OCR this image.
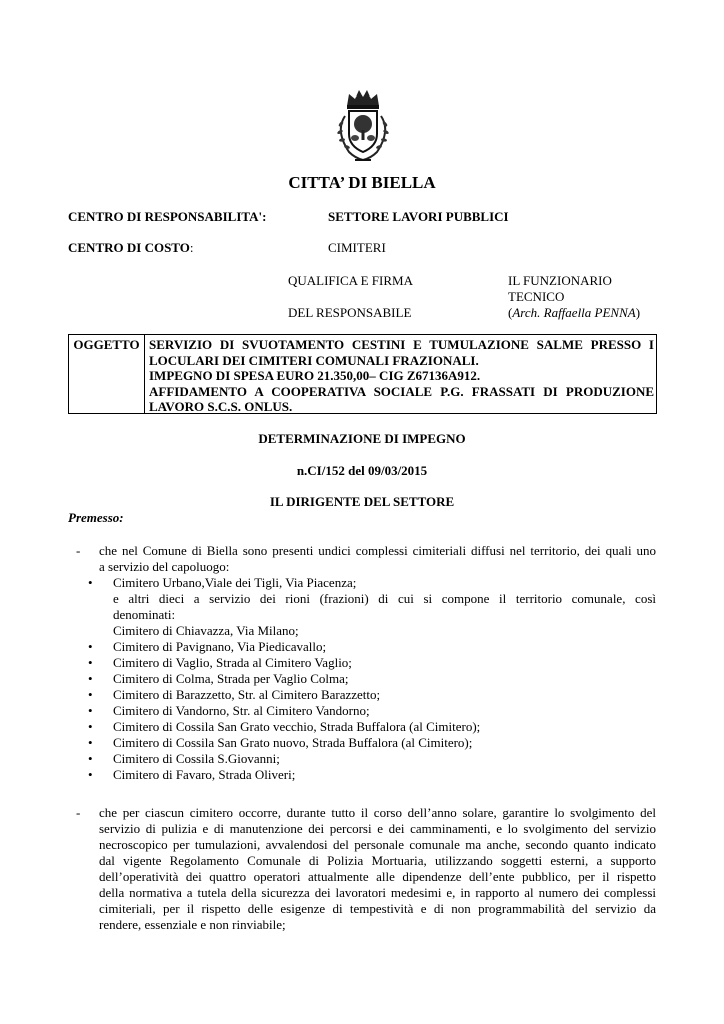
CITTA’ DI BIELLA
CENTRO DI RESPONSABILITA':	SETTORE LAVORI PUBBLICI
CENTRO DI COSTO:	CIMITERI
QUALIFICA E FIRMA
DEL RESPONSABILE
IL FUNZIONARIO
TECNICO
(Arch. Raffaella PENNA)
OGGETTO SERVIZIO DI SVUOTAMENTO CESTINI E TUMULAZIONE SALME PRESSO I
LOCULARI DEI CIMITERI COMUNALI FRAZIONALI.
IMPEGNO DI SPESA EURO 21.350,00– CIG Z67136A912.
AFFIDAMENTO A COOPERATIVA SOCIALE P.G. FRASSATI DI PRODUZIONE
LAVORO S.C.S. ONLUS.
DETERMINAZIONE DI IMPEGNO
n.CI/152 del 09/03/2015
IL DIRIGENTE DEL SETTORE
Premesso:
- che nel Comune di Biella sono presenti undici complessi cimiteriali diffusi nel territorio, dei quali uno
a servizio del capoluogo:
• Cimitero Urbano,Viale dei Tigli, Via Piacenza;
e altri dieci a servizio dei rioni (frazioni) di cui si compone il territorio comunale, così
denominati:
Cimitero di Chiavazza, Via Milano;
• Cimitero di Pavignano, Via Piedicavallo;
• Cimitero di Vaglio, Strada al Cimitero Vaglio;
• Cimitero di Colma, Strada per Vaglio Colma;
• Cimitero di Barazzetto, Str. al Cimitero Barazzetto;
• Cimitero di Vandorno, Str. al Cimitero Vandorno;
• Cimitero di Cossila San Grato vecchio, Strada Buffalora (al Cimitero);
• Cimitero di Cossila San Grato nuovo, Strada Buffalora (al Cimitero);
• Cimitero di Cossila S.Giovanni;
• Cimitero di Favaro, Strada Oliveri;
- che per ciascun cimitero occorre, durante tutto il corso dell’anno solare, garantire lo svolgimento del
servizio di pulizia e di manutenzione dei percorsi e dei camminamenti, e lo svolgimento del servizio
necroscopico per tumulazioni, avvalendosi del personale comunale ma anche, secondo quanto indicato
dal vigente Regolamento Comunale di Polizia Mortuaria, utilizzando soggetti esterni, a supporto
dell’operatività dei quattro operatori attualmente alle dipendenze dell’ente pubblico, per il rispetto
della normativa a tutela della sicurezza dei lavoratori medesimi e, in rapporto al numero dei complessi
cimiteriali, per il rispetto delle esigenze di tempestività e di non programmabilità del servizio da
rendere, essenziale e non rinviabile;
